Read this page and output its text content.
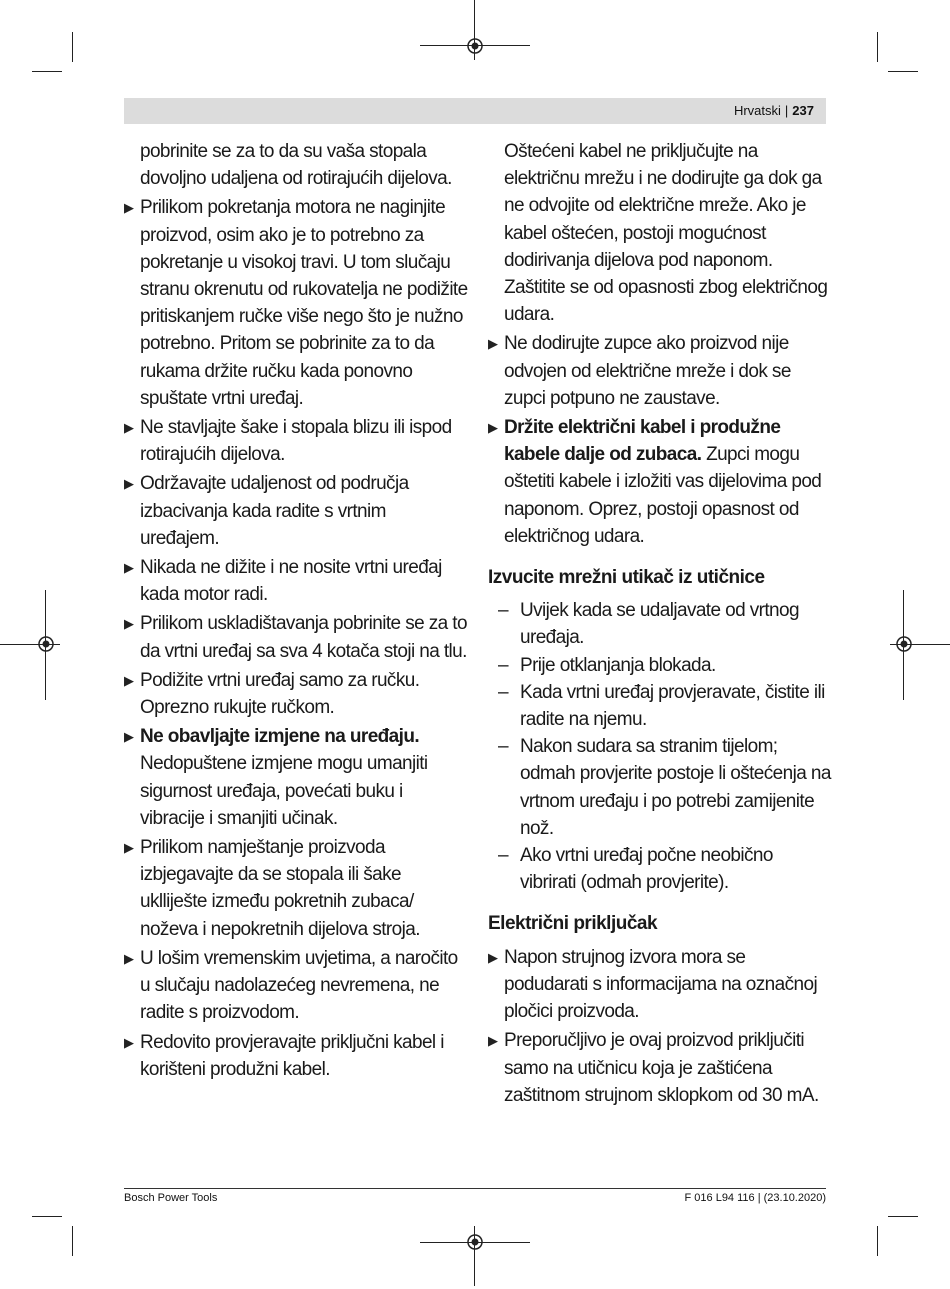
Hrvatski | 237
pobrinite se za to da su vaša stopala dovoljno udaljena od rotirajućih dijelova.
▶ Prilikom pokretanja motora ne naginjite proizvod, osim ako je to potrebno za pokretanje u visokoj travi. U tom slučaju stranu okrenutu od rukovatelja ne podižite pritiskanjem ručke više nego što je nužno potrebno. Pritom se pobrinite za to da rukama držite ručku kada ponovno spuštate vrtni uređaj.
▶ Ne stavljajte šake i stopala blizu ili ispod rotirajućih dijelova.
▶ Održavajte udaljenost od područja izbacivanja kada radite s vrtnim uređajem.
▶ Nikada ne dižite i ne nosite vrtni uređaj kada motor radi.
▶ Prilikom uskladištavanja pobrinite se za to da vrtni uređaj sa sva 4 kotača stoji na tlu.
▶ Podižite vrtni uređaj samo za ručku. Oprezno rukujte ručkom.
▶ Ne obavljajte izmjene na uređaju. Nedopuštene izmjene mogu umanjiti sigurnost uređaja, povećati buku i vibracije i smanjiti učinak.
▶ Prilikom namještanje proizvoda izbjegavajte da se stopala ili šake uklliješte između pokretnih zubaca/ noževa i nepokretnih dijelova stroja.
▶ U lošim vremenskim uvjetima, a naročito u slučaju nadolazećeg nevremena, ne radite s proizvodom.
▶ Redovito provjeravajte priključni kabel i korišteni produžni kabel.
Oštećeni kabel ne priključujte na električnu mrežu i ne dodirujte ga dok ga ne odvojite od električne mreže. Ako je kabel oštećen, postoji mogućnost dodirivanja dijelova pod naponom. Zaštitite se od opasnosti zbog električnog udara.
▶ Ne dodirujte zupce ako proizvod nije odvojen od električne mreže i dok se zupci potpuno ne zaustave.
▶ Držite električni kabel i produžne kabele dalje od zubaca. Zupci mogu oštetiti kabele i izložiti vas dijelovima pod naponom. Oprez, postoji opasnost od električnog udara.
Izvucite mrežni utikač iz utičnice
– Uvijek kada se udaljavate od vrtnog uređaja.
– Prije otklanjanja blokada.
– Kada vrtni uređaj provjeravate, čistite ili radite na njemu.
– Nakon sudara sa stranim tijelom; odmah provjerite postoje li oštećenja na vrtnom uređaju i po potrebi zamijenite nož.
– Ako vrtni uređaj počne neobično vibrirati (odmah provjerite).
Električni priključak
▶ Napon strujnog izvora mora se podudarati s informacijama na označnoj pločici proizvoda.
▶ Preporučljivo je ovaj proizvod priključiti samo na utičnicu koja je zaštićena zaštitnom strujnom sklopkom od 30 mA.
Bosch Power Tools	F 016 L94 116 | (23.10.2020)
